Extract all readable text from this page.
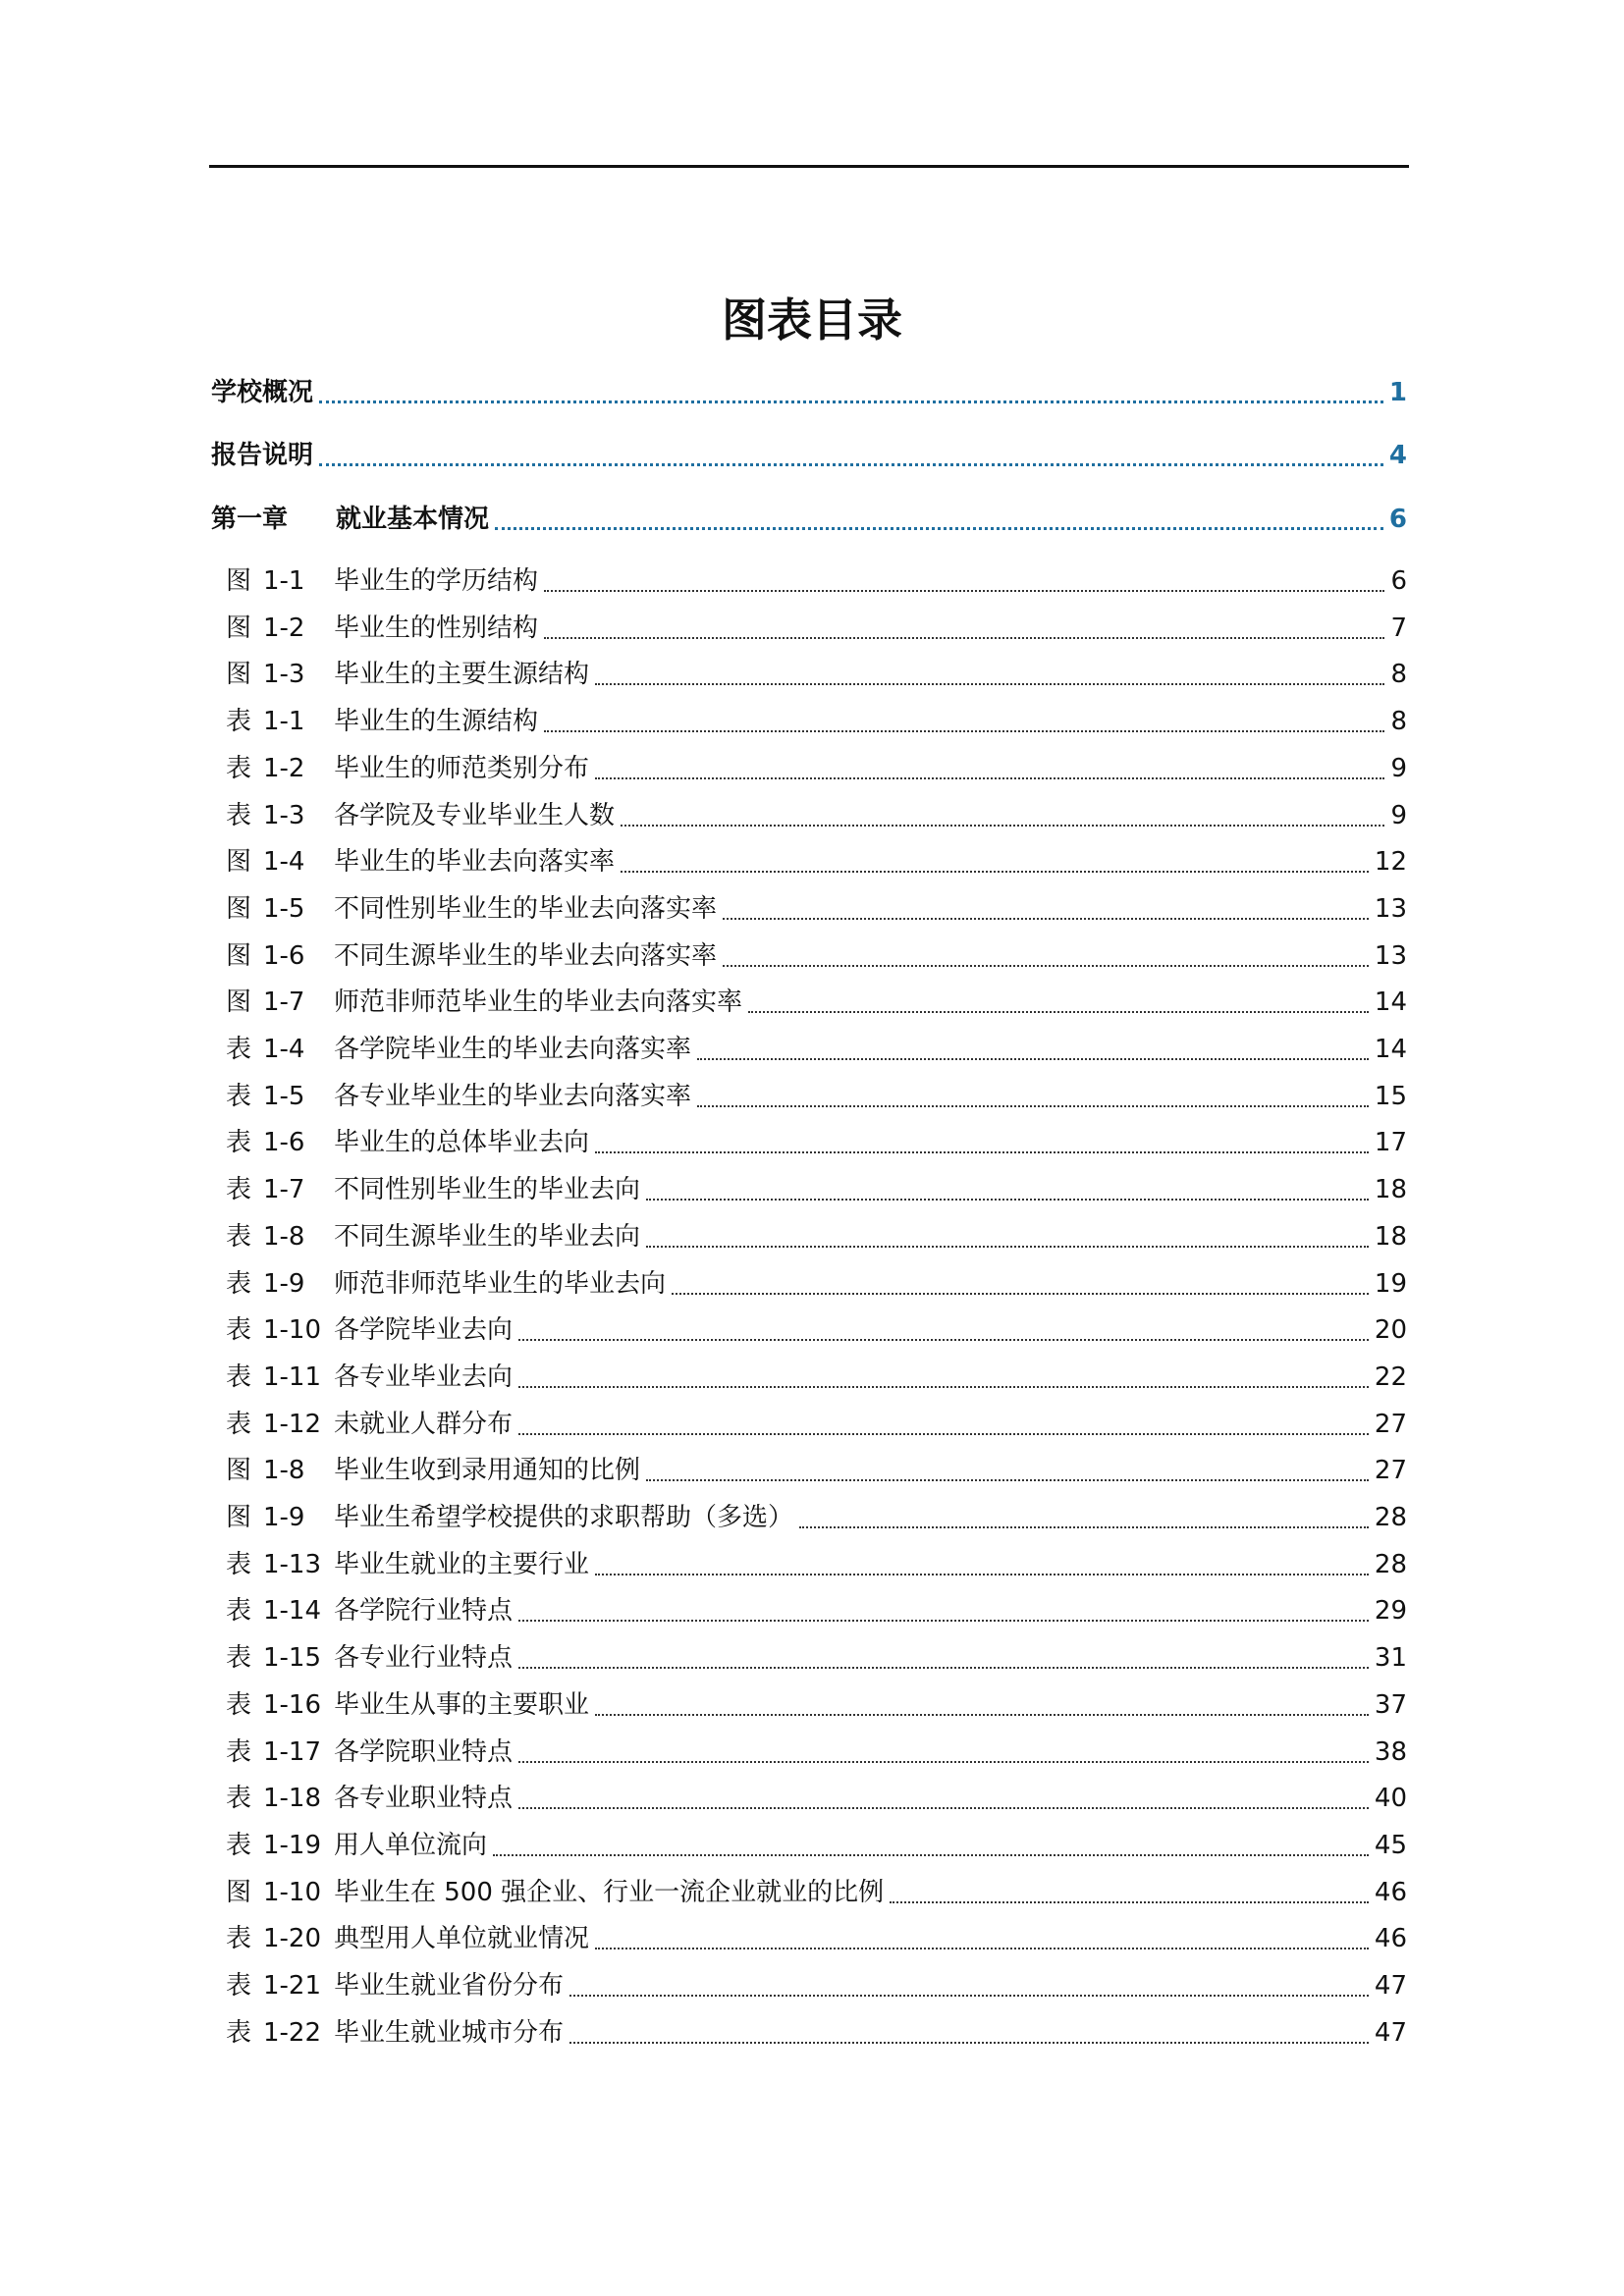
图表目录
学校概况	1
报告说明	4
第一章 就业基本情况	6
图 1-1 毕业生的学历结构	6
图 1-2 毕业生的性别结构	7
图 1-3 毕业生的主要生源结构	8
表 1-1 毕业生的生源结构	8
表 1-2 毕业生的师范类别分布	9
表 1-3 各学院及专业毕业生人数	9
图 1-4 毕业生的毕业去向落实率	12
图 1-5 不同性别毕业生的毕业去向落实率	13
图 1-6 不同生源毕业生的毕业去向落实率	13
图 1-7 师范非师范毕业生的毕业去向落实率	14
表 1-4 各学院毕业生的毕业去向落实率	14
表 1-5 各专业毕业生的毕业去向落实率	15
表 1-6 毕业生的总体毕业去向	17
表 1-7 不同性别毕业生的毕业去向	18
表 1-8 不同生源毕业生的毕业去向	18
表 1-9 师范非师范毕业生的毕业去向	19
表 1-10 各学院毕业去向	20
表 1-11 各专业毕业去向	22
表 1-12 未就业人群分布	27
图 1-8 毕业生收到录用通知的比例	27
图 1-9 毕业生希望学校提供的求职帮助（多选）	28
表 1-13 毕业生就业的主要行业	28
表 1-14 各学院行业特点	29
表 1-15 各专业行业特点	31
表 1-16 毕业生从事的主要职业	37
表 1-17 各学院职业特点	38
表 1-18 各专业职业特点	40
表 1-19 用人单位流向	45
图 1-10 毕业生在 500 强企业、行业一流企业就业的比例	46
表 1-20 典型用人单位就业情况	46
表 1-21 毕业生就业省份分布	47
表 1-22 毕业生就业城市分布	47
